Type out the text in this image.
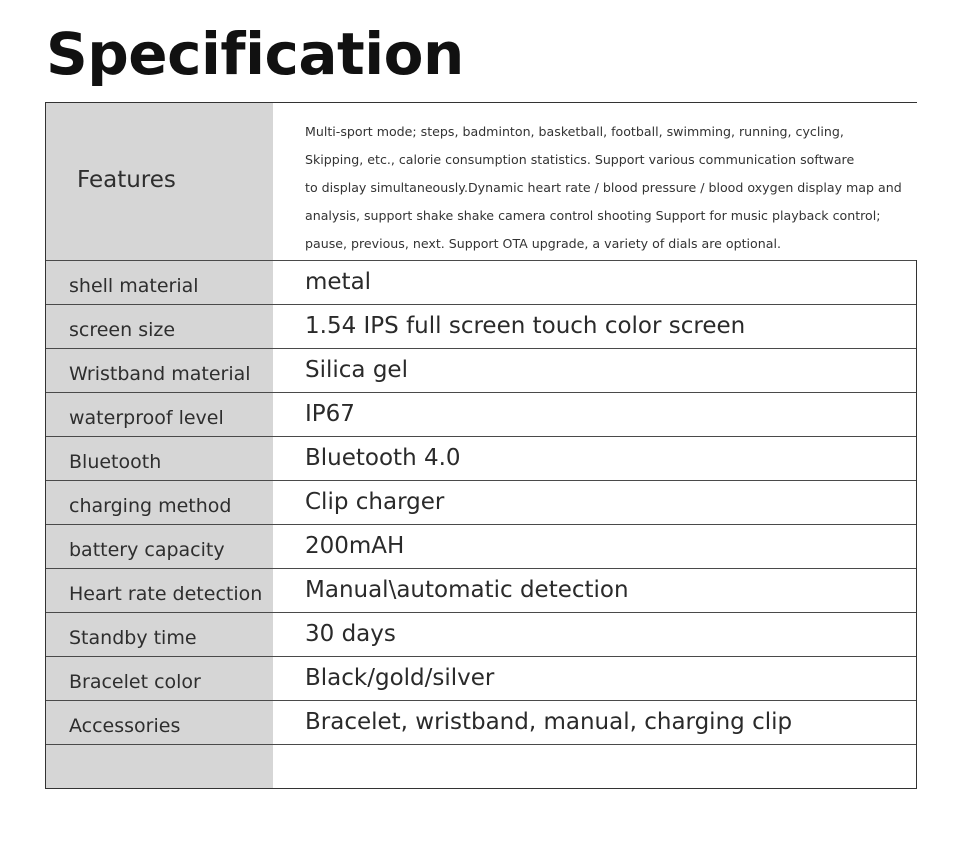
Specification
Features
Multi-sport mode; steps, badminton, basketball, football, swimming, running, cycling,
Skipping, etc., calorie consumption statistics. Support various communication software
to display simultaneously.Dynamic heart rate / blood pressure / blood oxygen display map and
analysis, support shake shake camera control shooting Support for music playback control;
pause, previous, next. Support OTA upgrade, a variety of dials are optional.
shell material	metal
screen size	1.54 IPS full screen touch color screen
Wristband material	Silica gel
waterproof level	IP67
Bluetooth	Bluetooth 4.0
charging method	Clip charger
battery capacity	200mAH
Heart rate detection	Manual\automatic detection
Standby time	30 days
Bracelet color	Black/gold/silver
Accessories	Bracelet, wristband, manual, charging clip
